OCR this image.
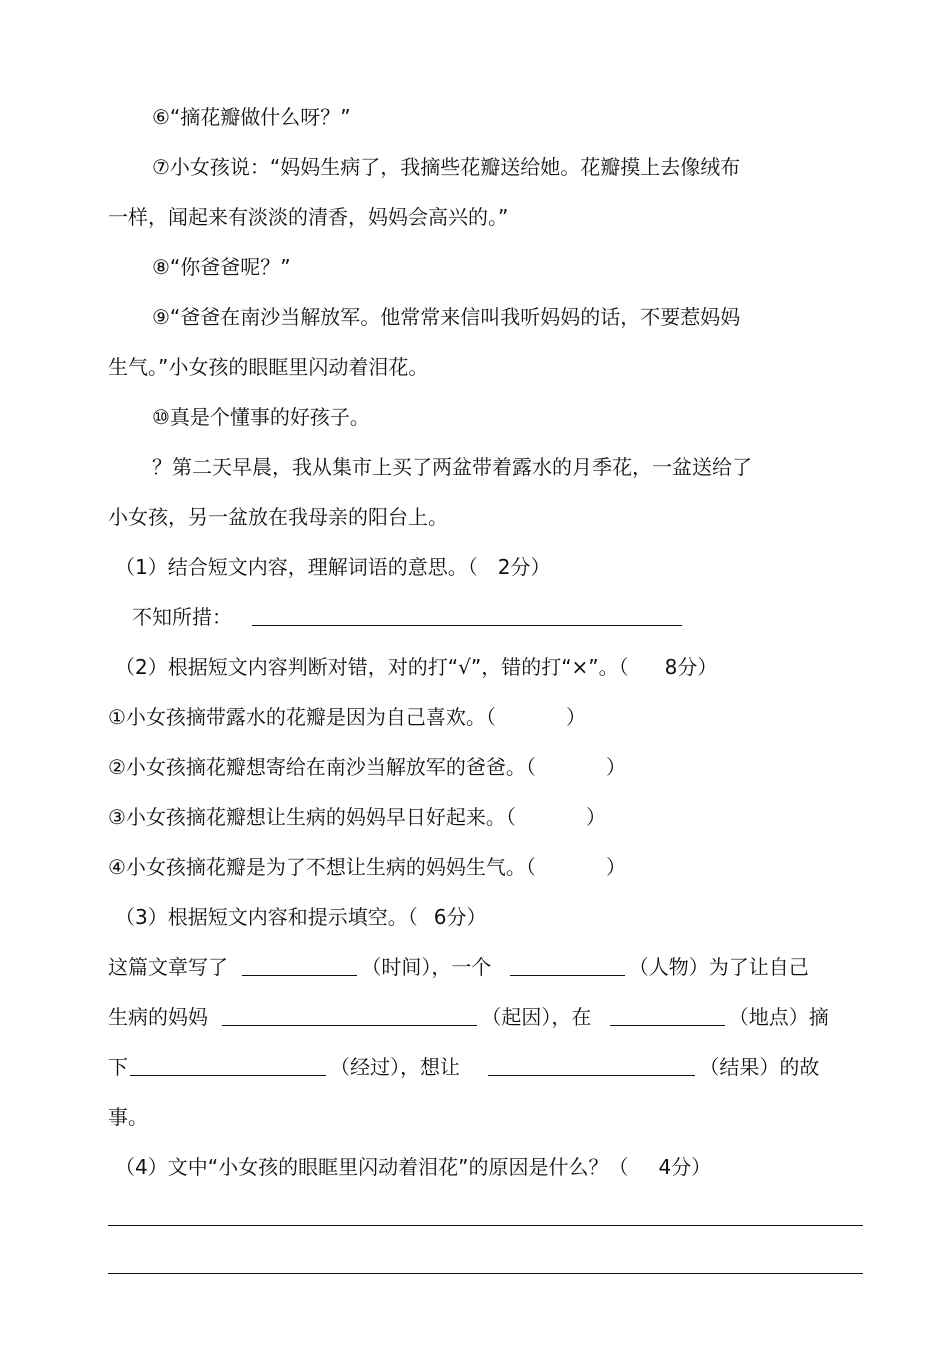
⑥“摘花瓣做什么呀？”
⑦小女孩说：“妈妈生病了，我摘些花瓣送给她。花瓣摸上去像绒布
一样，闻起来有淡淡的清香，妈妈会高兴的。”
⑧“你爸爸呢？”
⑨“爸爸在南沙当解放军。他常常来信叫我听妈妈的话，不要惹妈妈
生气。”小女孩的眼眶里闪动着泪花。
⑩真是个懂事的好孩子。
？第二天早晨，我从集市上买了两盆带着露水的月季花，一盆送给了
小女孩，另一盆放在我母亲的阳台上。
（1）结合短文内容，理解词语的意思。（ 2分）
不知所措：
（2）根据短文内容判断对错，对的打“√”，错的打“×”。（ 8分）
①小女孩摘带露水的花瓣是因为自己喜欢。（	）
②小女孩摘花瓣想寄给在南沙当解放军的爸爸。（	）
③小女孩摘花瓣想让生病的妈妈早日好起来。（	）
④小女孩摘花瓣是为了不想让生病的妈妈生气。（	）
（3）根据短文内容和提示填空。（ 6分）
这篇文章写了	（时间），一个	（人物）为了让自己
生病的妈妈	（起因），在	（地点）摘
下	（经过），想让	（结果）的故
事。
（4）文中“小女孩的眼眶里闪动着泪花”的原因是什么？（ 4分）
